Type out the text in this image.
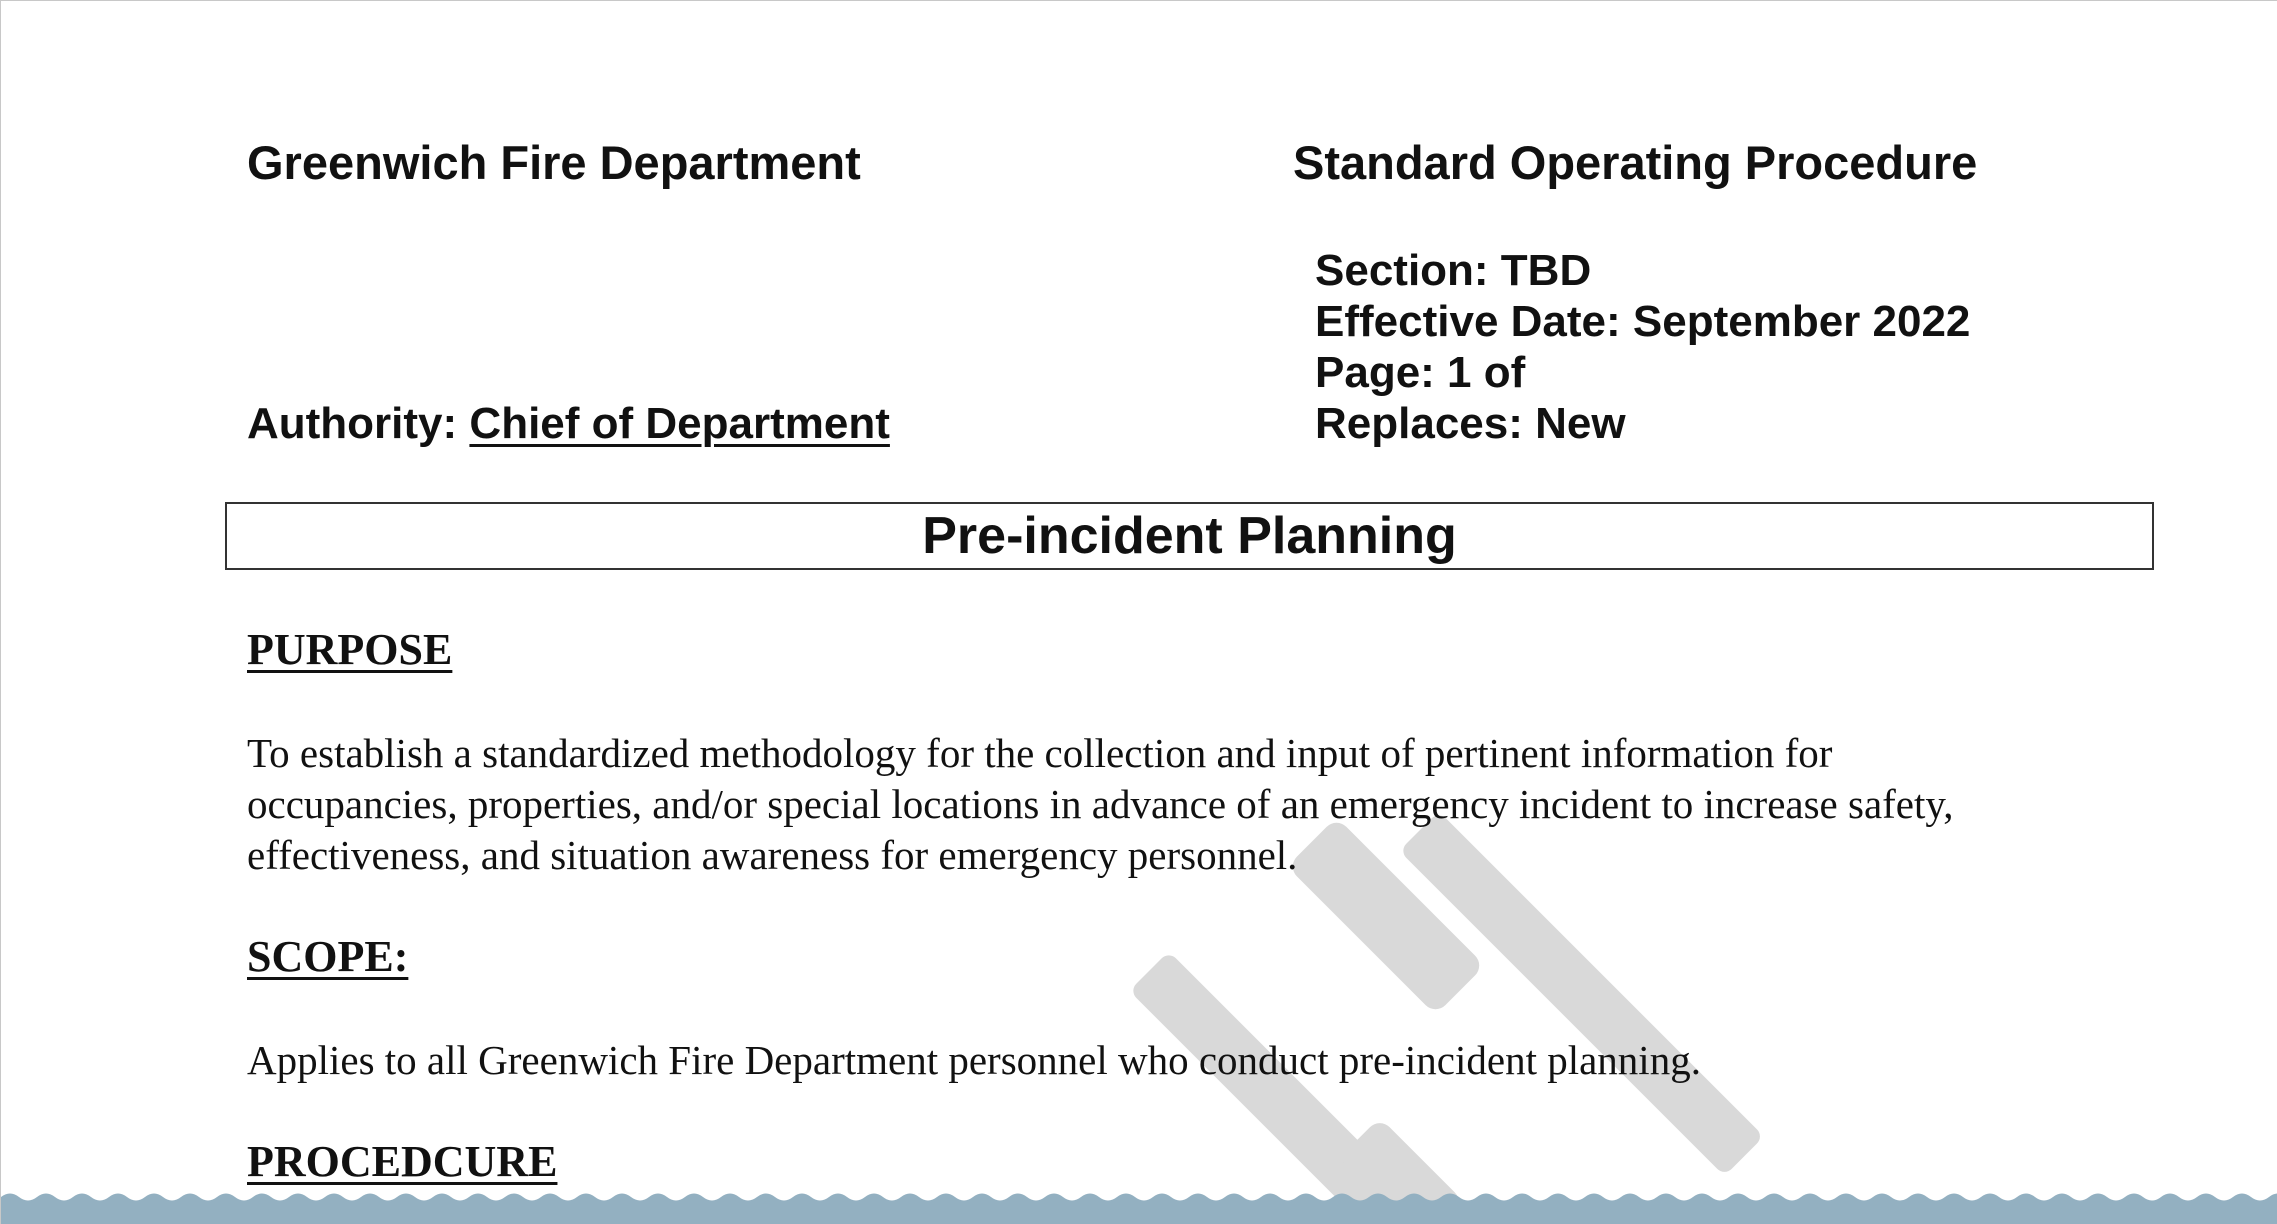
Greenwich Fire Department	Standard Operating Procedure
Section: TBD
Effective Date: September 2022
Page: 1 of
Replaces: New
Authority: Chief of Department
Pre-incident Planning
PURPOSE
To establish a standardized methodology for the collection and input of pertinent information for
occupancies, properties, and/or special locations in advance of an emergency incident to increase safety,
effectiveness, and situation awareness for emergency personnel.
SCOPE:
Applies to all Greenwich Fire Department personnel who conduct pre-incident planning.
PROCEDCURE
